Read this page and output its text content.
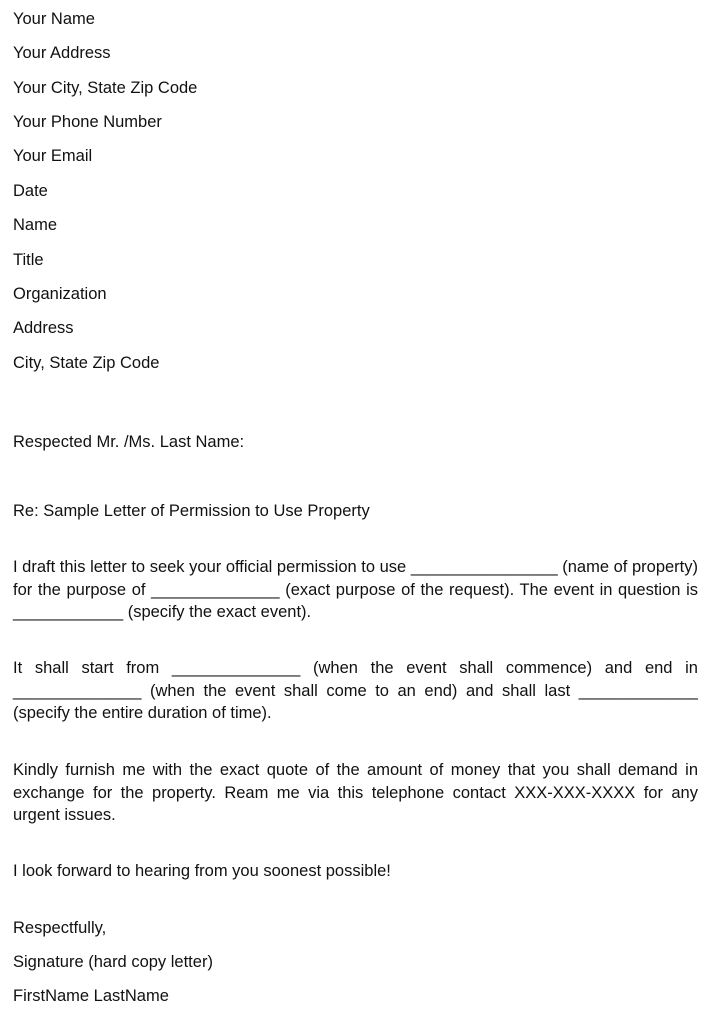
Your Name
Your Address
Your City, State Zip Code
Your Phone Number
Your Email
Date
Name
Title
Organization
Address
City, State Zip Code
Respected Mr. /Ms. Last Name:
Re: Sample Letter of Permission to Use Property
I draft this letter to seek your official permission to use ________________ (name of property) for the purpose of ______________ (exact purpose of the request). The event in question is ____________ (specify the exact event).
It shall start from ______________ (when the event shall commence) and end in ______________ (when the event shall come to an end) and shall last _____________ (specify the entire duration of time).
Kindly furnish me with the exact quote of the amount of money that you shall demand in exchange for the property. Ream me via this telephone contact XXX-XXX-XXXX for any urgent issues.
I look forward to hearing from you soonest possible!
Respectfully,
Signature (hard copy letter)
FirstName LastName
